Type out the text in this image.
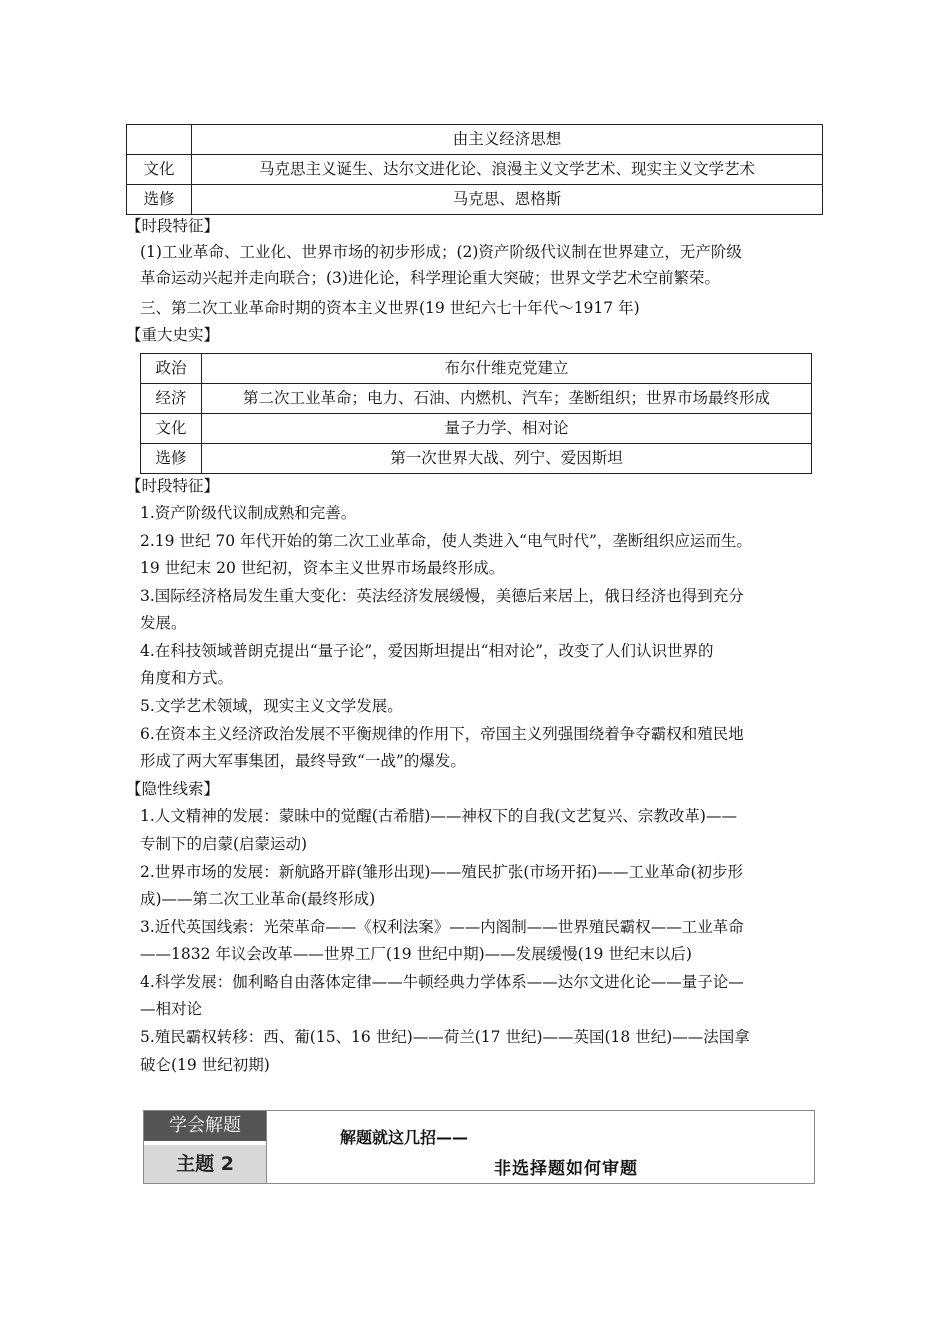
	由主义经济思想
文化	马克思主义诞生、达尔文进化论、浪漫主义文学艺术、现实主义文学艺术
选修	马克思、恩格斯
【时段特征】
(1)工业革命、工业化、世界市场的初步形成；(2)资产阶级代议制在世界建立，无产阶级
革命运动兴起并走向联合；(3)进化论，科学理论重大突破；世界文学艺术空前繁荣。
三、第二次工业革命时期的资本主义世界(19 世纪六七十年代～1917 年)
【重大史实】
政治	布尔什维克党建立
经济	第二次工业革命；电力、石油、内燃机、汽车；垄断组织；世界市场最终形成
文化	量子力学、相对论
选修	第一次世界大战、列宁、爱因斯坦
【时段特征】
1.资产阶级代议制成熟和完善。
2.19 世纪 70 年代开始的第二次工业革命，使人类进入“电气时代”，垄断组织应运而生。
19 世纪末 20 世纪初，资本主义世界市场最终形成。
3.国际经济格局发生重大变化：英法经济发展缓慢，美德后来居上，俄日经济也得到充分
发展。
4.在科技领域普朗克提出“量子论”，爱因斯坦提出“相对论”，改变了人们认识世界的
角度和方式。
5.文学艺术领域，现实主义文学发展。
6.在资本主义经济政治发展不平衡规律的作用下，帝国主义列强围绕着争夺霸权和殖民地
形成了两大军事集团，最终导致“一战”的爆发。
【隐性线索】
1.人文精神的发展：蒙昧中的觉醒(古希腊)——神权下的自我(文艺复兴、宗教改革)——
专制下的启蒙(启蒙运动)
2.世界市场的发展：新航路开辟(雏形出现)——殖民扩张(市场开拓)——工业革命(初步形
成)——第二次工业革命(最终形成)
3.近代英国线索：光荣革命——《权利法案》——内阁制——世界殖民霸权——工业革命
——1832 年议会改革——世界工厂(19 世纪中期)——发展缓慢(19 世纪末以后)
4.科学发展：伽利略自由落体定律——牛顿经典力学体系——达尔文进化论——量子论—
—相对论
5.殖民霸权转移：西、葡(15、16 世纪)——荷兰(17 世纪)——英国(18 世纪)——法国拿
破仑(19 世纪初期)
学会解题
主题 2
解题就这几招——
非选择题如何审题
